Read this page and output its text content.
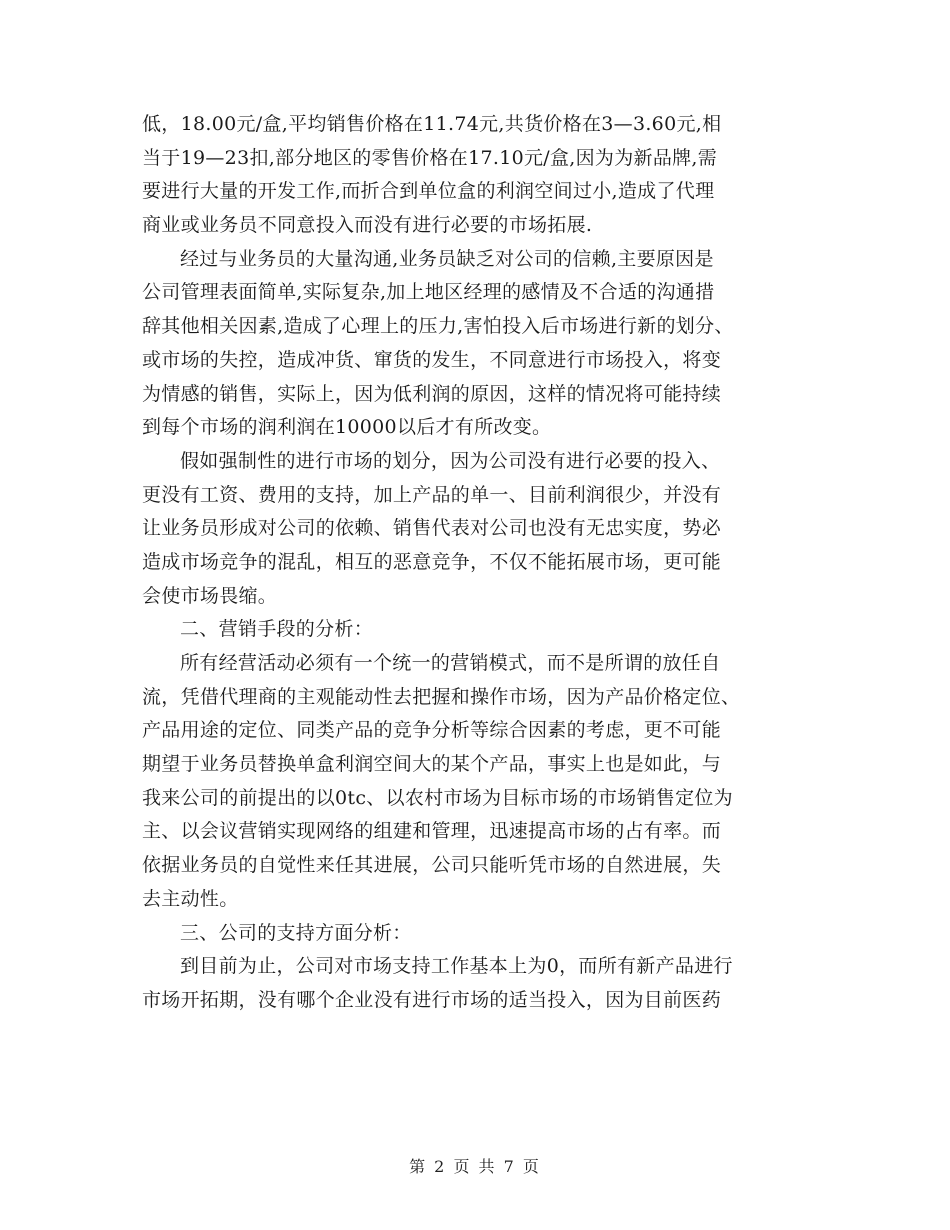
低，18.00元/盒,平均销售价格在11.74元,共货价格在3—3.60元,相
当于19—23扣,部分地区的零售价格在17.10元/盒,因为为新品牌,需
要进行大量的开发工作,而折合到单位盒的利润空间过小,造成了代理
商业或业务员不同意投入而没有进行必要的市场拓展.
经过与业务员的大量沟通,业务员缺乏对公司的信赖,主要原因是
公司管理表面简单,实际复杂,加上地区经理的感情及不合适的沟通措
辞其他相关因素,造成了心理上的压力,害怕投入后市场进行新的划分、
或市场的失控，造成冲货、窜货的发生，不同意进行市场投入，将变
为情感的销售，实际上，因为低利润的原因，这样的情况将可能持续
到每个市场的润利润在10000以后才有所改变。
假如强制性的进行市场的划分，因为公司没有进行必要的投入、
更没有工资、费用的支持，加上产品的单一、目前利润很少，并没有
让业务员形成对公司的依赖、销售代表对公司也没有无忠实度，势必
造成市场竞争的混乱，相互的恶意竞争，不仅不能拓展市场，更可能
会使市场畏缩。
二、营销手段的分析：
所有经营活动必须有一个统一的营销模式，而不是所谓的放任自
流，凭借代理商的主观能动性去把握和操作市场，因为产品价格定位、
产品用途的定位、同类产品的竞争分析等综合因素的考虑，更不可能
期望于业务员替换单盒利润空间大的某个产品，事实上也是如此，与
我来公司的前提出的以0tc、以农村市场为目标市场的市场销售定位为
主、以会议营销实现网络的组建和管理，迅速提高市场的占有率。而
依据业务员的自觉性来任其进展，公司只能听凭市场的自然进展，失
去主动性。
三、公司的支持方面分析：
到目前为止，公司对市场支持工作基本上为0，而所有新产品进行
市场开拓期，没有哪个企业没有进行市场的适当投入，因为目前医药
第 2 页 共 7 页
